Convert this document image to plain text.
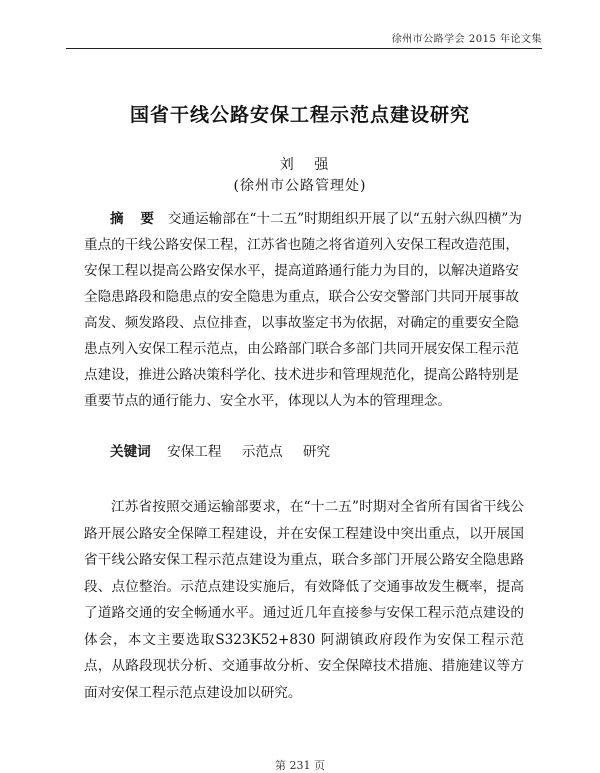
徐州市公路学会 2015 年论文集
国省干线公路安保工程示范点建设研究
刘 强
(徐州市公路管理处)
摘 要 交通运输部在“十二五”时期组织开展了以“五射六纵四横”为重点的干线公路安保工程，江苏省也随之将省道列入安保工程改造范围，安保工程以提高公路安保水平，提高道路通行能力为目的，以解决道路安全隐患路段和隐患点的安全隐患为重点，联合公安交警部门共同开展事故高发、频发路段、点位排查，以事故鉴定书为依据，对确定的重要安全隐患点列入安保工程示范点，由公路部门联合多部门共同开展安保工程示范点建设，推进公路决策科学化、技术进步和管理规范化，提高公路特别是重要节点的通行能力、安全水平，体现以人为本的管理理念。
关键词 安保工程 示范点 研究

江苏省按照交通运输部要求，在“十二五”时期对全省所有国省干线公路开展公路安全保障工程建设，并在安保工程建设中突出重点，以开展国省干线公路安保工程示范点建设为重点，联合多部门开展公路安全隐患路段、点位整治。示范点建设实施后，有效降低了交通事故发生概率，提高了道路交通的安全畅通水平。通过近几年直接参与安保工程示范点建设的体会，本文主要选取S323K52+830 阿湖镇政府段作为安保工程示范点，从路段现状分析、交通事故分析、安全保障技术措施、措施建议等方面对安保工程示范点建设加以研究。

第 231 页
